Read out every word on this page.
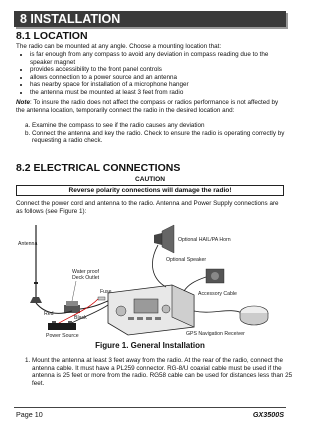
8 INSTALLATION
8.1 LOCATION
The radio can be mounted at any angle. Choose a mounting location that:
• is far enough from any compass to avoid any deviation in compass reading due to the speaker magnet
• provides accessibility to the front panel controls
• allows connection to a power source and an antenna
• has nearby space for installation of a microphone hanger
• the antenna must be mounted at least 3 feet from radio
Note: To insure the radio does not affect the compass or radios performance is not affected by the antenna location, temporarily connect the radio in the desired location and:
a. Examine the compass to see if the radio causes any deviation
b. Connect the antenna and key the radio. Check to ensure the radio is operating correctly by requesting a radio check.
8.2 ELECTRICAL CONNECTIONS
CAUTION
Reverse polarity connections will damage the radio!
Connect the power cord and antenna to the radio. Antenna and Power Supply connections are as follows (see Figure 1):
Antenna
Water proof
Deck Outlet
Fuse
Red
Black
Power Source
Optional HAIL/PA Horn
Optional Speaker
Accessory Cable
GPS Navigation Receiver
Figure 1. General Installation
1. Mount the antenna at least 3 feet away from the radio. At the rear of the radio, connect the antenna cable. It must have a PL259 connector. RG-8/U coaxial cable must be used if the antenna is 25 feet or more from the radio. RG58 cable can be used for distances less than 25 feet.
Page 10	GX3500S
